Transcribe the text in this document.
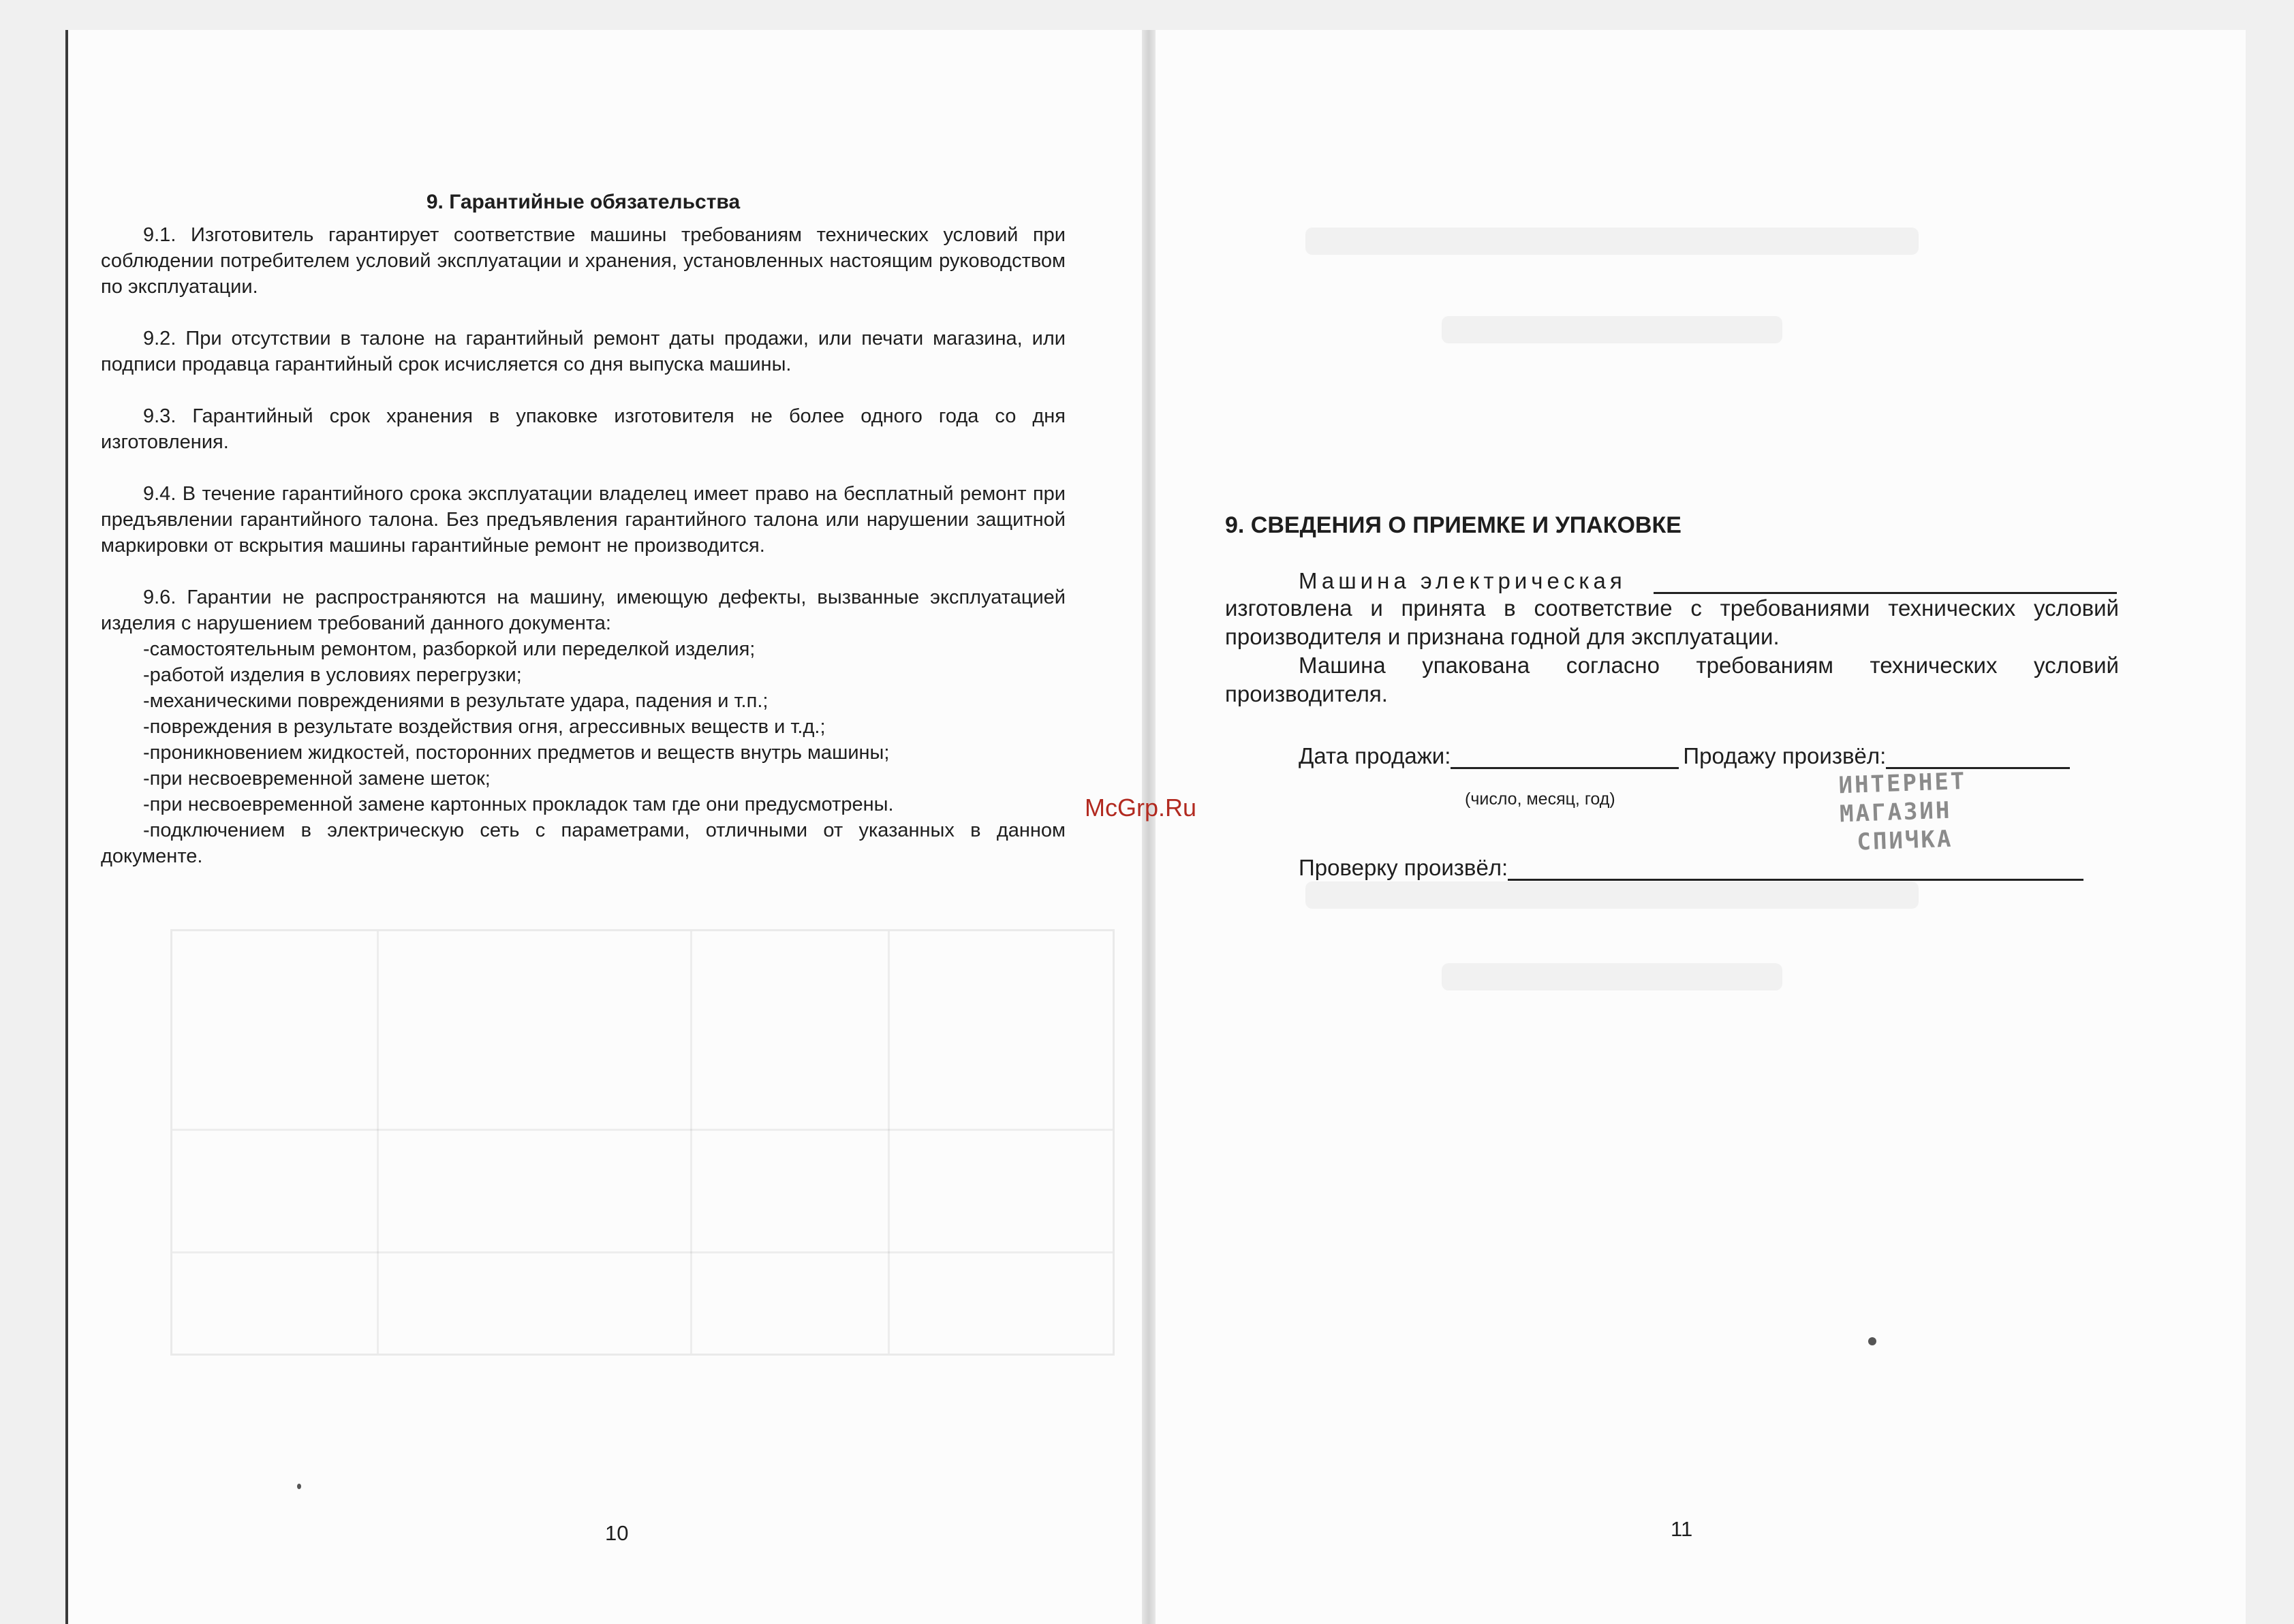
9. Гарантийные обязательства

9.1. Изготовитель гарантирует соответствие машины требованиям технических условий при соблюдении потребителем условий эксплуатации и хранения, установленных настоящим руководством по эксплуатации.

9.2. При отсутствии в талоне на гарантийный ремонт даты продажи, или печати магазина, или подписи продавца гарантийный срок исчисляется со дня выпуска машины.

9.3. Гарантийный срок хранения в упаковке изготовителя не более одного года со дня изготовления.

9.4. В течение гарантийного срока эксплуатации владелец имеет право на бесплатный ремонт при предъявлении гарантийного талона. Без предъявления гарантийного талона или нарушении защитной маркировки от вскрытия машины гарантийные ремонт не производится.

9.6. Гарантии не распространяются на машину, имеющую дефекты, вызванные эксплуатацией изделия с нарушением требований данного документа:

-самостоятельным ремонтом, разборкой или переделкой изделия;
-работой изделия в условиях перегрузки;
-механическими повреждениями в результате удара, падения и т.п.;
-повреждения в результате воздействия огня, агрессивных веществ и т.д.;
-проникновением жидкостей, посторонних предметов и веществ внутрь машины;
-при несвоевременной замене шеток;
-при несвоевременной замене картонных прокладок там где они предусмотрены.
-подключением в электрическую сеть с параметрами, отличными от указанных в данном документе.
10
McGrp.Ru
9. СВЕДЕНИЯ О ПРИЕМКЕ И УПАКОВКЕ
Машина электрическая

изготовлена и принята в соответствие с требованиями технических условий производителя и признана годной для эксплуатации.

Машина упакована согласно требованиям технических условий производителя.

Дата продажи:	Продажу произвёл:
(число, месяц, год)
Проверку произвёл:
ИНТЕРНЕТ
МАГАЗИН
СПИЧКА
11
